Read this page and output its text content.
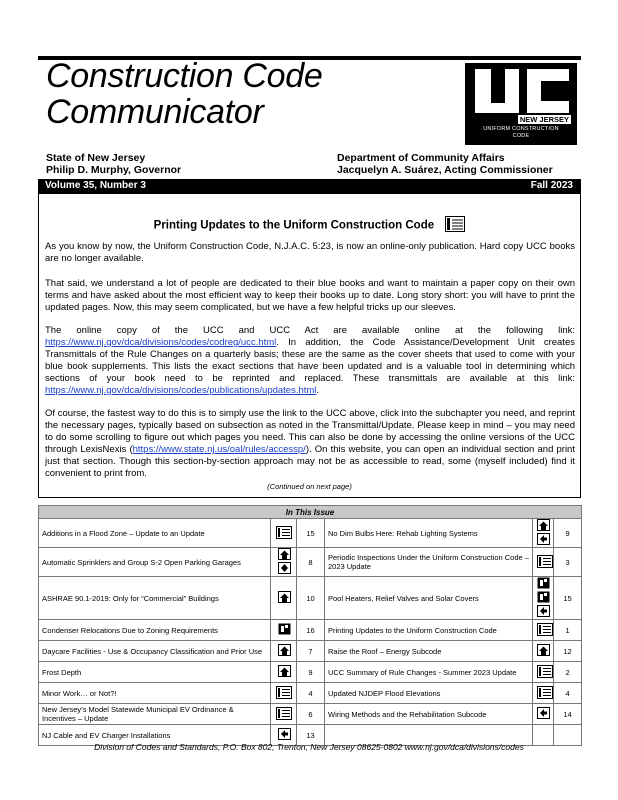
Construction Code
Communicator	NEW JERSEY
UNIFORM CONSTRUCTION
CODE
State of New Jersey
Philip D. Murphy, Governor
Department of Community Affairs
Jacquelyn A. Suárez, Acting Commissioner
Volume 35, Number 3	Fall 2023
Printing Updates to the Uniform Construction Code
As you know by now, the Uniform Construction Code, N.J.A.C. 5:23, is now an online-only publication. Hard copy UCC books are no longer available.
That said, we understand a lot of people are dedicated to their blue books and want to maintain a paper copy on their own terms and have asked about the most efficient way to keep their books up to date. Long story short: you will have to print the updated pages. Now, this may seem complicated, but we have a few helpful tricks up our sleeves.
The online copy of the UCC and UCC Act are available online at the following link: https://www.nj.gov/dca/divisions/codes/codreg/ucc.html. In addition, the Code Assistance/Development Unit creates Transmittals of the Rule Changes on a quarterly basis; these are the same as the cover sheets that used to come with your blue book supplements. This lists the exact sections that have been updated and is a valuable tool in determining which sections of your book need to be reprinted and replaced. These transmittals are available at this link: https://www.nj.gov/dca/divisions/codes/publications/updates.html.
Of course, the fastest way to do this is to simply use the link to the UCC above, click into the subchapter you need, and reprint the necessary pages, typically based on subsection as noted in the Transmittal/Update. Please keep in mind – you may need to do some scrolling to figure out which pages you need. This can also be done by accessing the online versions of the UCC through LexisNexis (https://www.state.nj.us/oal/rules/accessp/). On this website, you can open an individual section and print just that section. Though this section-by-section approach may not be as accessible to read, some (myself included) find it convenient to print from.
(Continued on next page)
In This Issue					
Additions in a Flood Zone – Update to an Update		15	No Dim Bulbs Here: Rehab Lighting Systems		9
Automatic Sprinklers and Group S-2 Open Parking Garages		8	Periodic Inspections Under the Uniform Construction Code – 2023 Update		3
ASHRAE 90.1-2019: Only for “Commercial” Buildings		10	Pool Heaters, Relief Valves and Solar Covers		15
Condenser Relocations Due to Zoning Requirements		16	Printing Updates to the Uniform Construction Code		1
Daycare Facilities - Use & Occupancy Classification and Prior Use		7	Raise the Roof – Energy Subcode		12
Frost Depth		9	UCC Summary of Rule Changes - Summer 2023 Update		2
Minor Work… or Not?!		4	Updated NJDEP Flood Elevations		4
New Jersey’s Model Statewide Municipal EV Ordinance & Incentives – Update		6	Wiring Methods and the Rehabilitation Subcode		14
NJ Cable and EV Charger Installations		13			
Division of Codes and Standards, P.O. Box 802, Trenton, New Jersey 08625-0802 www.nj.gov/dca/divisions/codes
